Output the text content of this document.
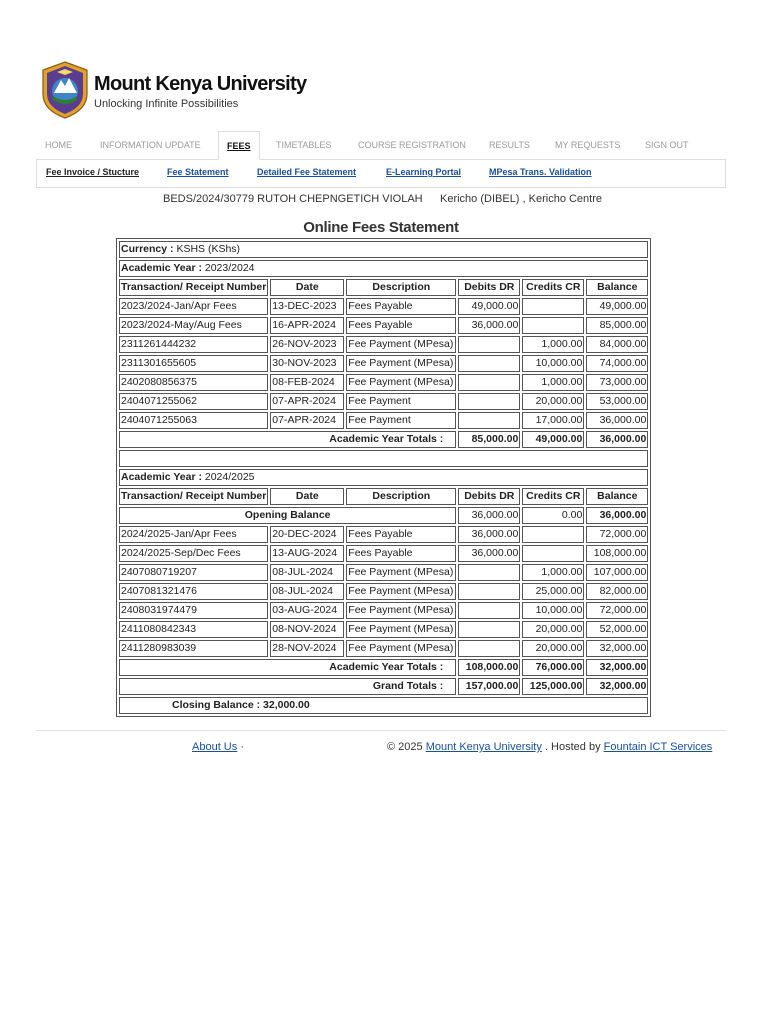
Mount Kenya University
Unlocking Infinite Possibilities
HOME	INFORMATION UPDATE	FEES	TIMETABLES	COURSE REGISTRATION	RESULTS	MY REQUESTS	SIGN OUT
Fee Invoice / Stucture	Fee Statement	Detailed Fee Statement	E-Learning Portal	MPesa Trans. Validation
BEDS/2024/30779 RUTOH CHEPNGETICH VIOLAH Kericho (DIBEL) , Kericho Centre
Online Fees Statement
Currency : KSHS (KShs)					
Academic Year : 2023/2024					
Transaction/ Receipt Number	Date	Description	Debits DR	Credits CR	Balance
2023/2024-Jan/Apr Fees	13-DEC-2023	Fees Payable	49,000.00		49,000.00
2023/2024-May/Aug Fees	16-APR-2024	Fees Payable	36,000.00		85,000.00
2311261444232	26-NOV-2023	Fee Payment (MPesa)		1,000.00	84,000.00
2311301655605	30-NOV-2023	Fee Payment (MPesa)		10,000.00	74,000.00
2402080856375	08-FEB-2024	Fee Payment (MPesa)		1,000.00	73,000.00
2404071255062	07-APR-2024	Fee Payment		20,000.00	53,000.00
2404071255063	07-APR-2024	Fee Payment		17,000.00	36,000.00
Academic Year Totals :			85,000.00	49,000.00	36,000.00

Academic Year : 2024/2025					
Transaction/ Receipt Number	Date	Description	Debits DR	Credits CR	Balance
Opening Balance			36,000.00	0.00	36,000.00
2024/2025-Jan/Apr Fees	20-DEC-2024	Fees Payable	36,000.00		72,000.00
2024/2025-Sep/Dec Fees	13-AUG-2024	Fees Payable	36,000.00		108,000.00
2407080719207	08-JUL-2024	Fee Payment (MPesa)		1,000.00	107,000.00
2407081321476	08-JUL-2024	Fee Payment (MPesa)		25,000.00	82,000.00
2408031974479	03-AUG-2024	Fee Payment (MPesa)		10,000.00	72,000.00
2411080842343	08-NOV-2024	Fee Payment (MPesa)		20,000.00	52,000.00
2411280983039	28-NOV-2024	Fee Payment (MPesa)		20,000.00	32,000.00
Academic Year Totals :			108,000.00	76,000.00	32,000.00
Grand Totals :			157,000.00	125,000.00	32,000.00
Closing Balance : 32,000.00					
About Us ·	© 2025 Mount Kenya University . Hosted by Fountain ICT Services
